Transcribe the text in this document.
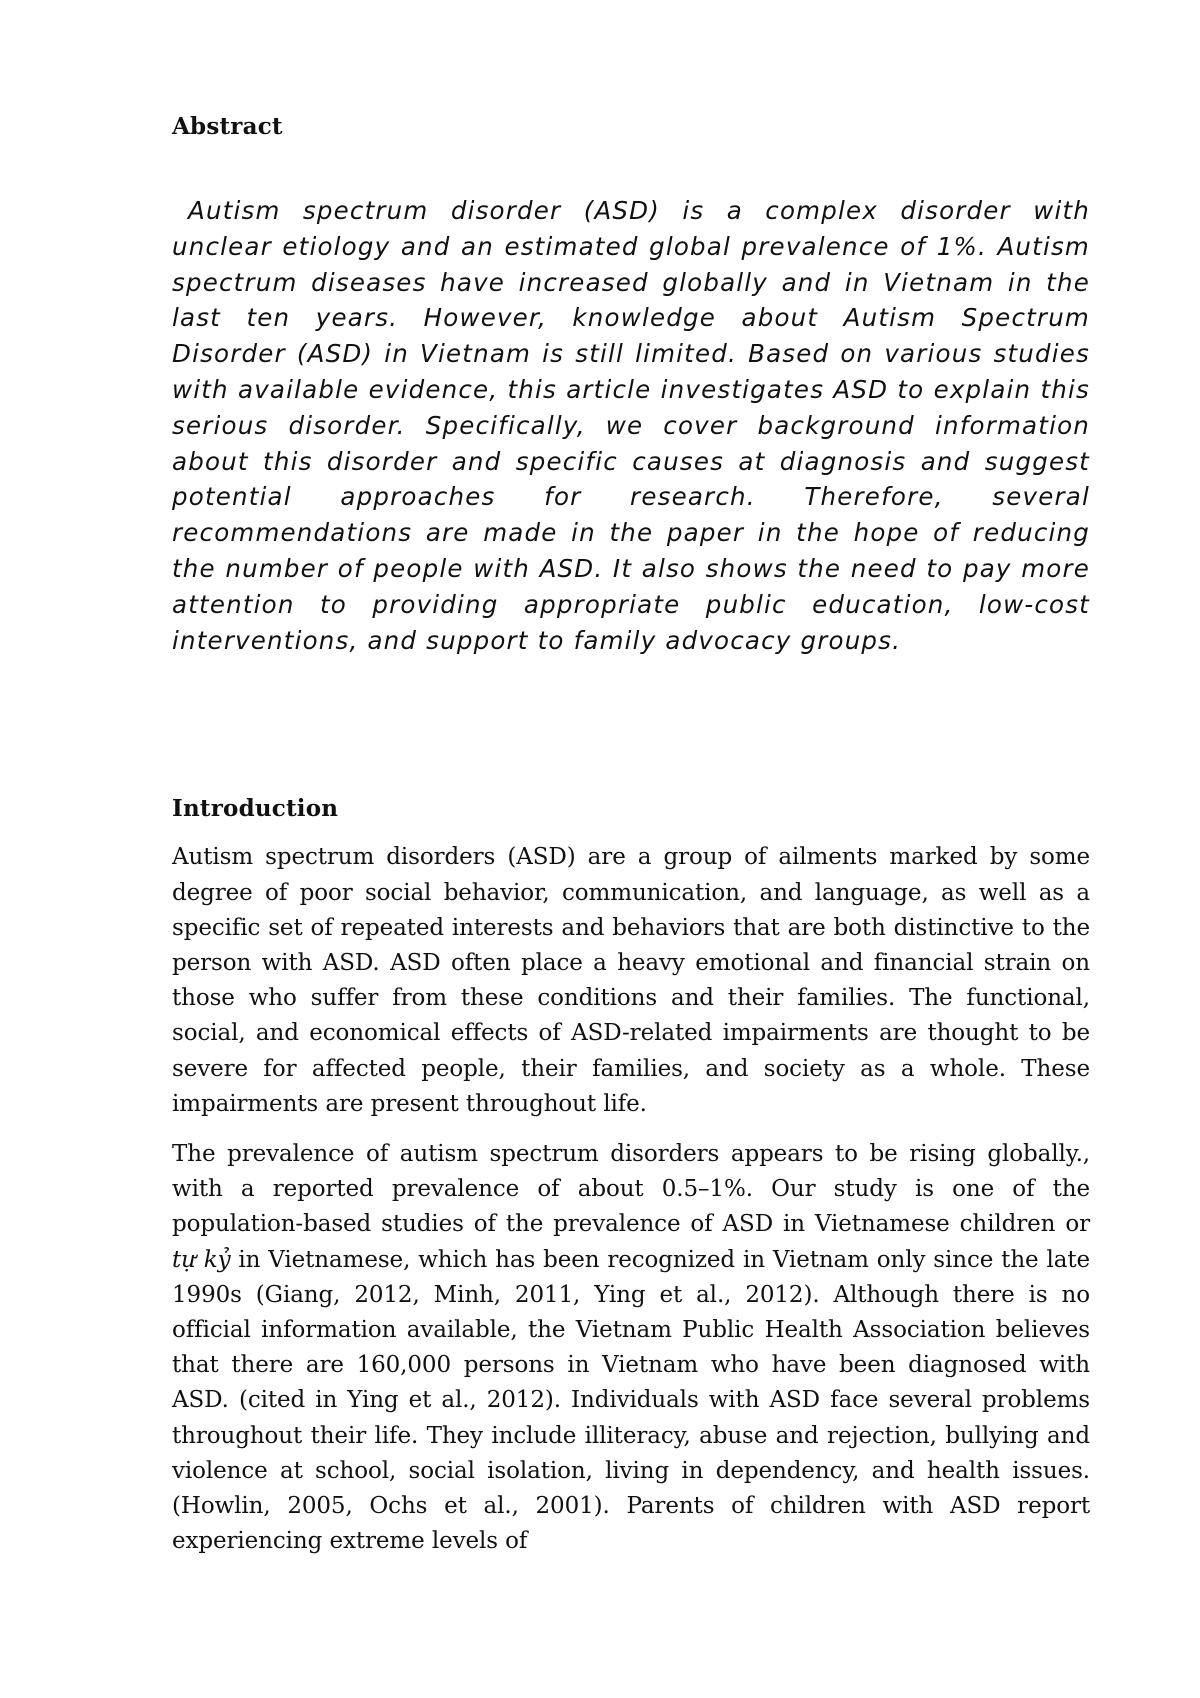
Abstract

Autism spectrum disorder (ASD) is a complex disorder with unclear etiology and an estimated global prevalence of 1%. Autism spectrum diseases have increased globally and in Vietnam in the last ten years. However, knowledge about Autism Spectrum Disorder (ASD) in Vietnam is still limited. Based on various studies with available evidence, this article investigates ASD to explain this serious disorder. Specifically, we cover background information about this disorder and specific causes at diagnosis and suggest potential approaches for research. Therefore, several recommendations are made in the paper in the hope of reducing the number of people with ASD. It also shows the need to pay more attention to providing appropriate public education, low-cost interventions, and support to family advocacy groups.

Introduction

Autism spectrum disorders (ASD) are a group of ailments marked by some degree of poor social behavior, communication, and language, as well as a specific set of repeated interests and behaviors that are both distinctive to the person with ASD. ASD often place a heavy emotional and financial strain on those who suffer from these conditions and their families. The functional, social, and economical effects of ASD-related impairments are thought to be severe for affected people, their families, and society as a whole. These impairments are present throughout life.

The prevalence of autism spectrum disorders appears to be rising globally., with a reported prevalence of about 0.5–1%. Our study is one of the population-based studies of the prevalence of ASD in Vietnamese children or tự kỷ in Vietnamese, which has been recognized in Vietnam only since the late 1990s (Giang, 2012, Minh, 2011, Ying et al., 2012). Although there is no official information available, the Vietnam Public Health Association believes that there are 160,000 persons in Vietnam who have been diagnosed with ASD. (cited in Ying et al., 2012). Individuals with ASD face several problems throughout their life. They include illiteracy, abuse and rejection, bullying and violence at school, social isolation, living in dependency, and health issues. (Howlin, 2005, Ochs et al., 2001). Parents of children with ASD report experiencing extreme levels of
